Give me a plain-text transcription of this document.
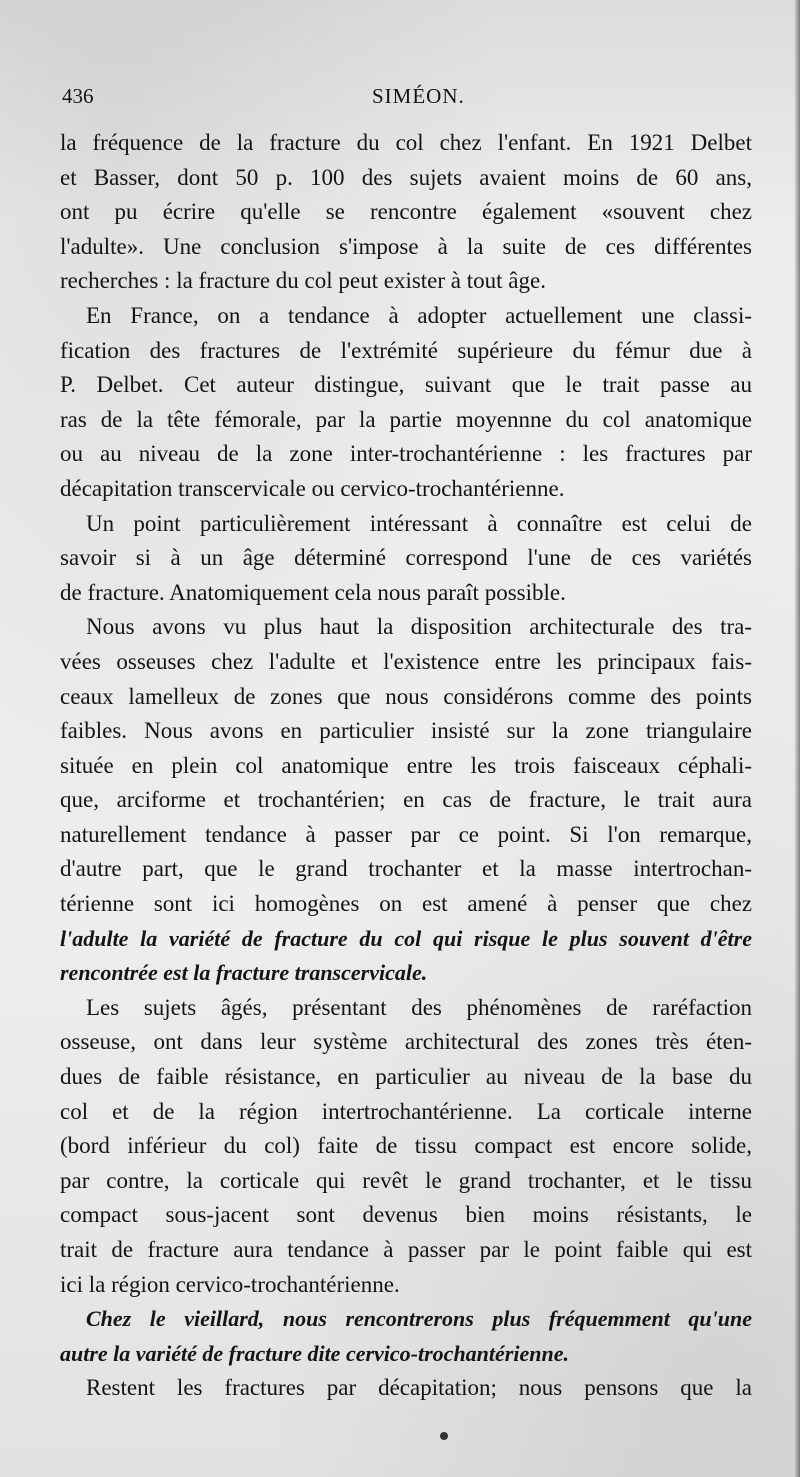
436	SIMÉON.
la fréquence de la fracture du col chez l'enfant. En 1921 Delbet
et Basser, dont 50 p. 100 des sujets avaient moins de 60 ans,
ont pu écrire qu'elle se rencontre également «souvent chez
l'adulte». Une conclusion s'impose à la suite de ces différentes
recherches : la fracture du col peut exister à tout âge.
En France, on a tendance à adopter actuellement une classi-
fication des fractures de l'extrémité supérieure du fémur due à
P. Delbet. Cet auteur distingue, suivant que le trait passe au
ras de la tête fémorale, par la partie moyennne du col anatomique
ou au niveau de la zone inter-trochantérienne : les fractures par
décapitation transcervicale ou cervico-trochantérienne.
Un point particulièrement intéressant à connaître est celui de
savoir si à un âge déterminé correspond l'une de ces variétés
de fracture. Anatomiquement cela nous paraît possible.
Nous avons vu plus haut la disposition architecturale des tra-
vées osseuses chez l'adulte et l'existence entre les principaux fais-
ceaux lamelleux de zones que nous considérons comme des points
faibles. Nous avons en particulier insisté sur la zone triangulaire
située en plein col anatomique entre les trois faisceaux céphali-
que, arciforme et trochantérien; en cas de fracture, le trait aura
naturellement tendance à passer par ce point. Si l'on remarque,
d'autre part, que le grand trochanter et la masse intertrochan-
térienne sont ici homogènes on est amené à penser que chez
l'adulte la variété de fracture du col qui risque le plus souvent d'être
rencontrée est la fracture transcervicale.
Les sujets âgés, présentant des phénomènes de raréfaction
osseuse, ont dans leur système architectural des zones très éten-
dues de faible résistance, en particulier au niveau de la base du
col et de la région intertrochantérienne. La corticale interne
(bord inférieur du col) faite de tissu compact est encore solide,
par contre, la corticale qui revêt le grand trochanter, et le tissu
compact sous-jacent sont devenus bien moins résistants, le
trait de fracture aura tendance à passer par le point faible qui est
ici la région cervico-trochantérienne.
Chez le vieillard, nous rencontrerons plus fréquemment qu'une
autre la variété de fracture dite cervico-trochantérienne.
Restent les fractures par décapitation; nous pensons que la
